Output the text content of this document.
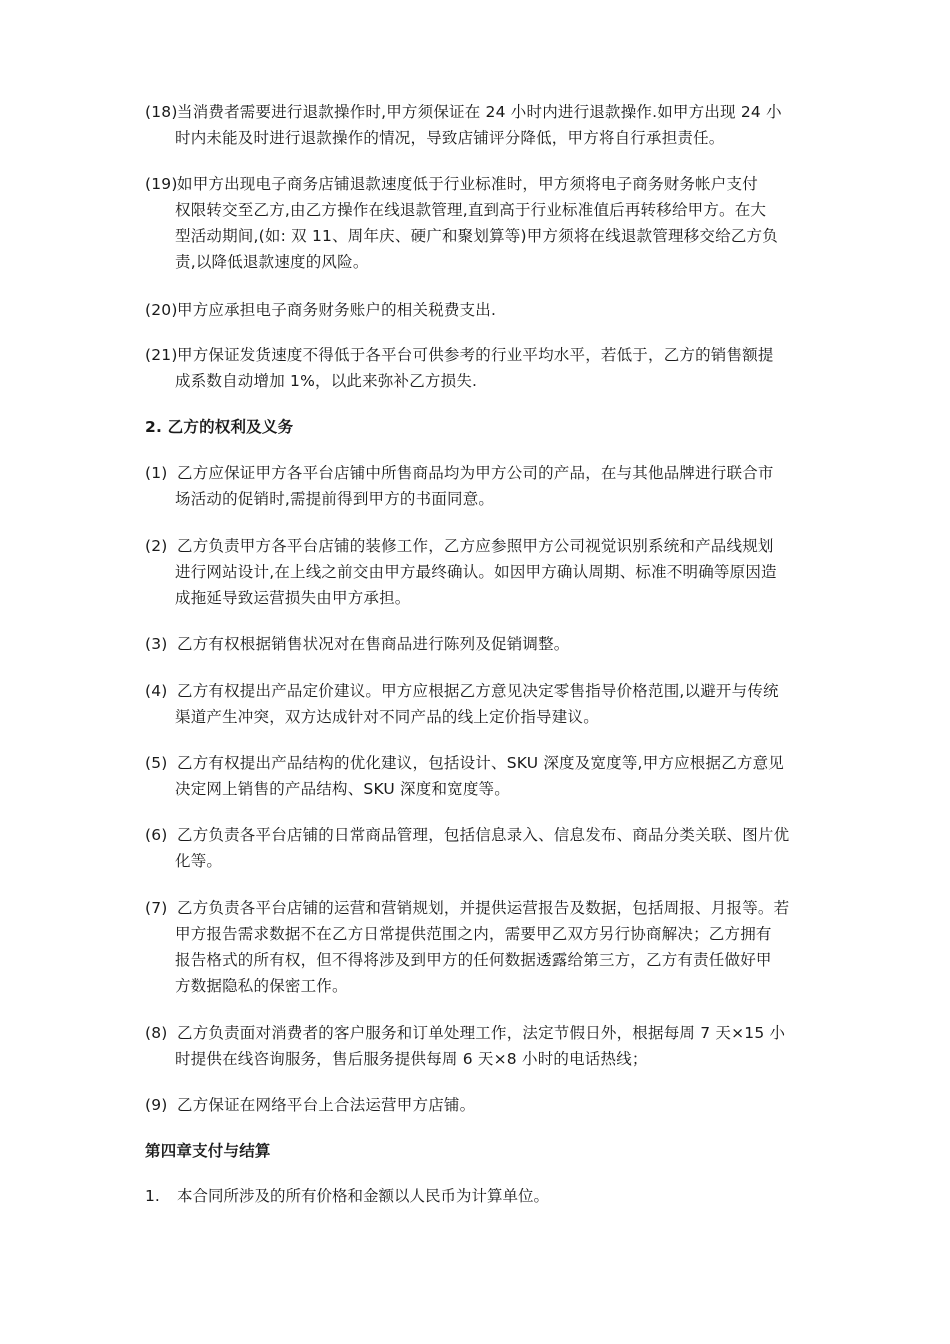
(18) 当消费者需要进行退款操作时,甲方须保证在 24 小时内进行退款操作.如甲方出现 24 小
时内未能及时进行退款操作的情况，导致店铺评分降低，甲方将自行承担责任。
(19) 如甲方出现电子商务店铺退款速度低于行业标准时，甲方须将电子商务财务帐户支付
权限转交至乙方,由乙方操作在线退款管理,直到高于行业标准值后再转移给甲方。在大
型活动期间,(如: 双 11、周年庆、硬广和聚划算等)甲方须将在线退款管理移交给乙方负
责,以降低退款速度的风险。
(20) 甲方应承担电子商务财务账户的相关税费支出.
(21) 甲方保证发货速度不得低于各平台可供参考的行业平均水平，若低于，乙方的销售额提
成系数自动增加 1%，以此来弥补乙方损失.
2. 乙方的权利及义务
(1) 乙方应保证甲方各平台店铺中所售商品均为甲方公司的产品，在与其他品牌进行联合市
场活动的促销时,需提前得到甲方的书面同意。
(2) 乙方负责甲方各平台店铺的装修工作，乙方应参照甲方公司视觉识别系统和产品线规划
进行网站设计,在上线之前交由甲方最终确认。如因甲方确认周期、标准不明确等原因造
成拖延导致运营损失由甲方承担。
(3) 乙方有权根据销售状况对在售商品进行陈列及促销调整。
(4) 乙方有权提出产品定价建议。甲方应根据乙方意见决定零售指导价格范围,以避开与传统
渠道产生冲突，双方达成针对不同产品的线上定价指导建议。
(5) 乙方有权提出产品结构的优化建议，包括设计、SKU 深度及宽度等,甲方应根据乙方意见
决定网上销售的产品结构、SKU 深度和宽度等。
(6) 乙方负责各平台店铺的日常商品管理，包括信息录入、信息发布、商品分类关联、图片优
化等。
(7) 乙方负责各平台店铺的运营和营销规划，并提供运营报告及数据，包括周报、月报等。若
甲方报告需求数据不在乙方日常提供范围之内，需要甲乙双方另行协商解决；乙方拥有
报告格式的所有权，但不得将涉及到甲方的任何数据透露给第三方，乙方有责任做好甲
方数据隐私的保密工作。
(8) 乙方负责面对消费者的客户服务和订单处理工作，法定节假日外，根据每周 7 天×15 小
时提供在线咨询服务，售后服务提供每周 6 天×8 小时的电话热线；
(9) 乙方保证在网络平台上合法运营甲方店铺。
第四章支付与结算
1. 本合同所涉及的所有价格和金额以人民币为计算单位。
